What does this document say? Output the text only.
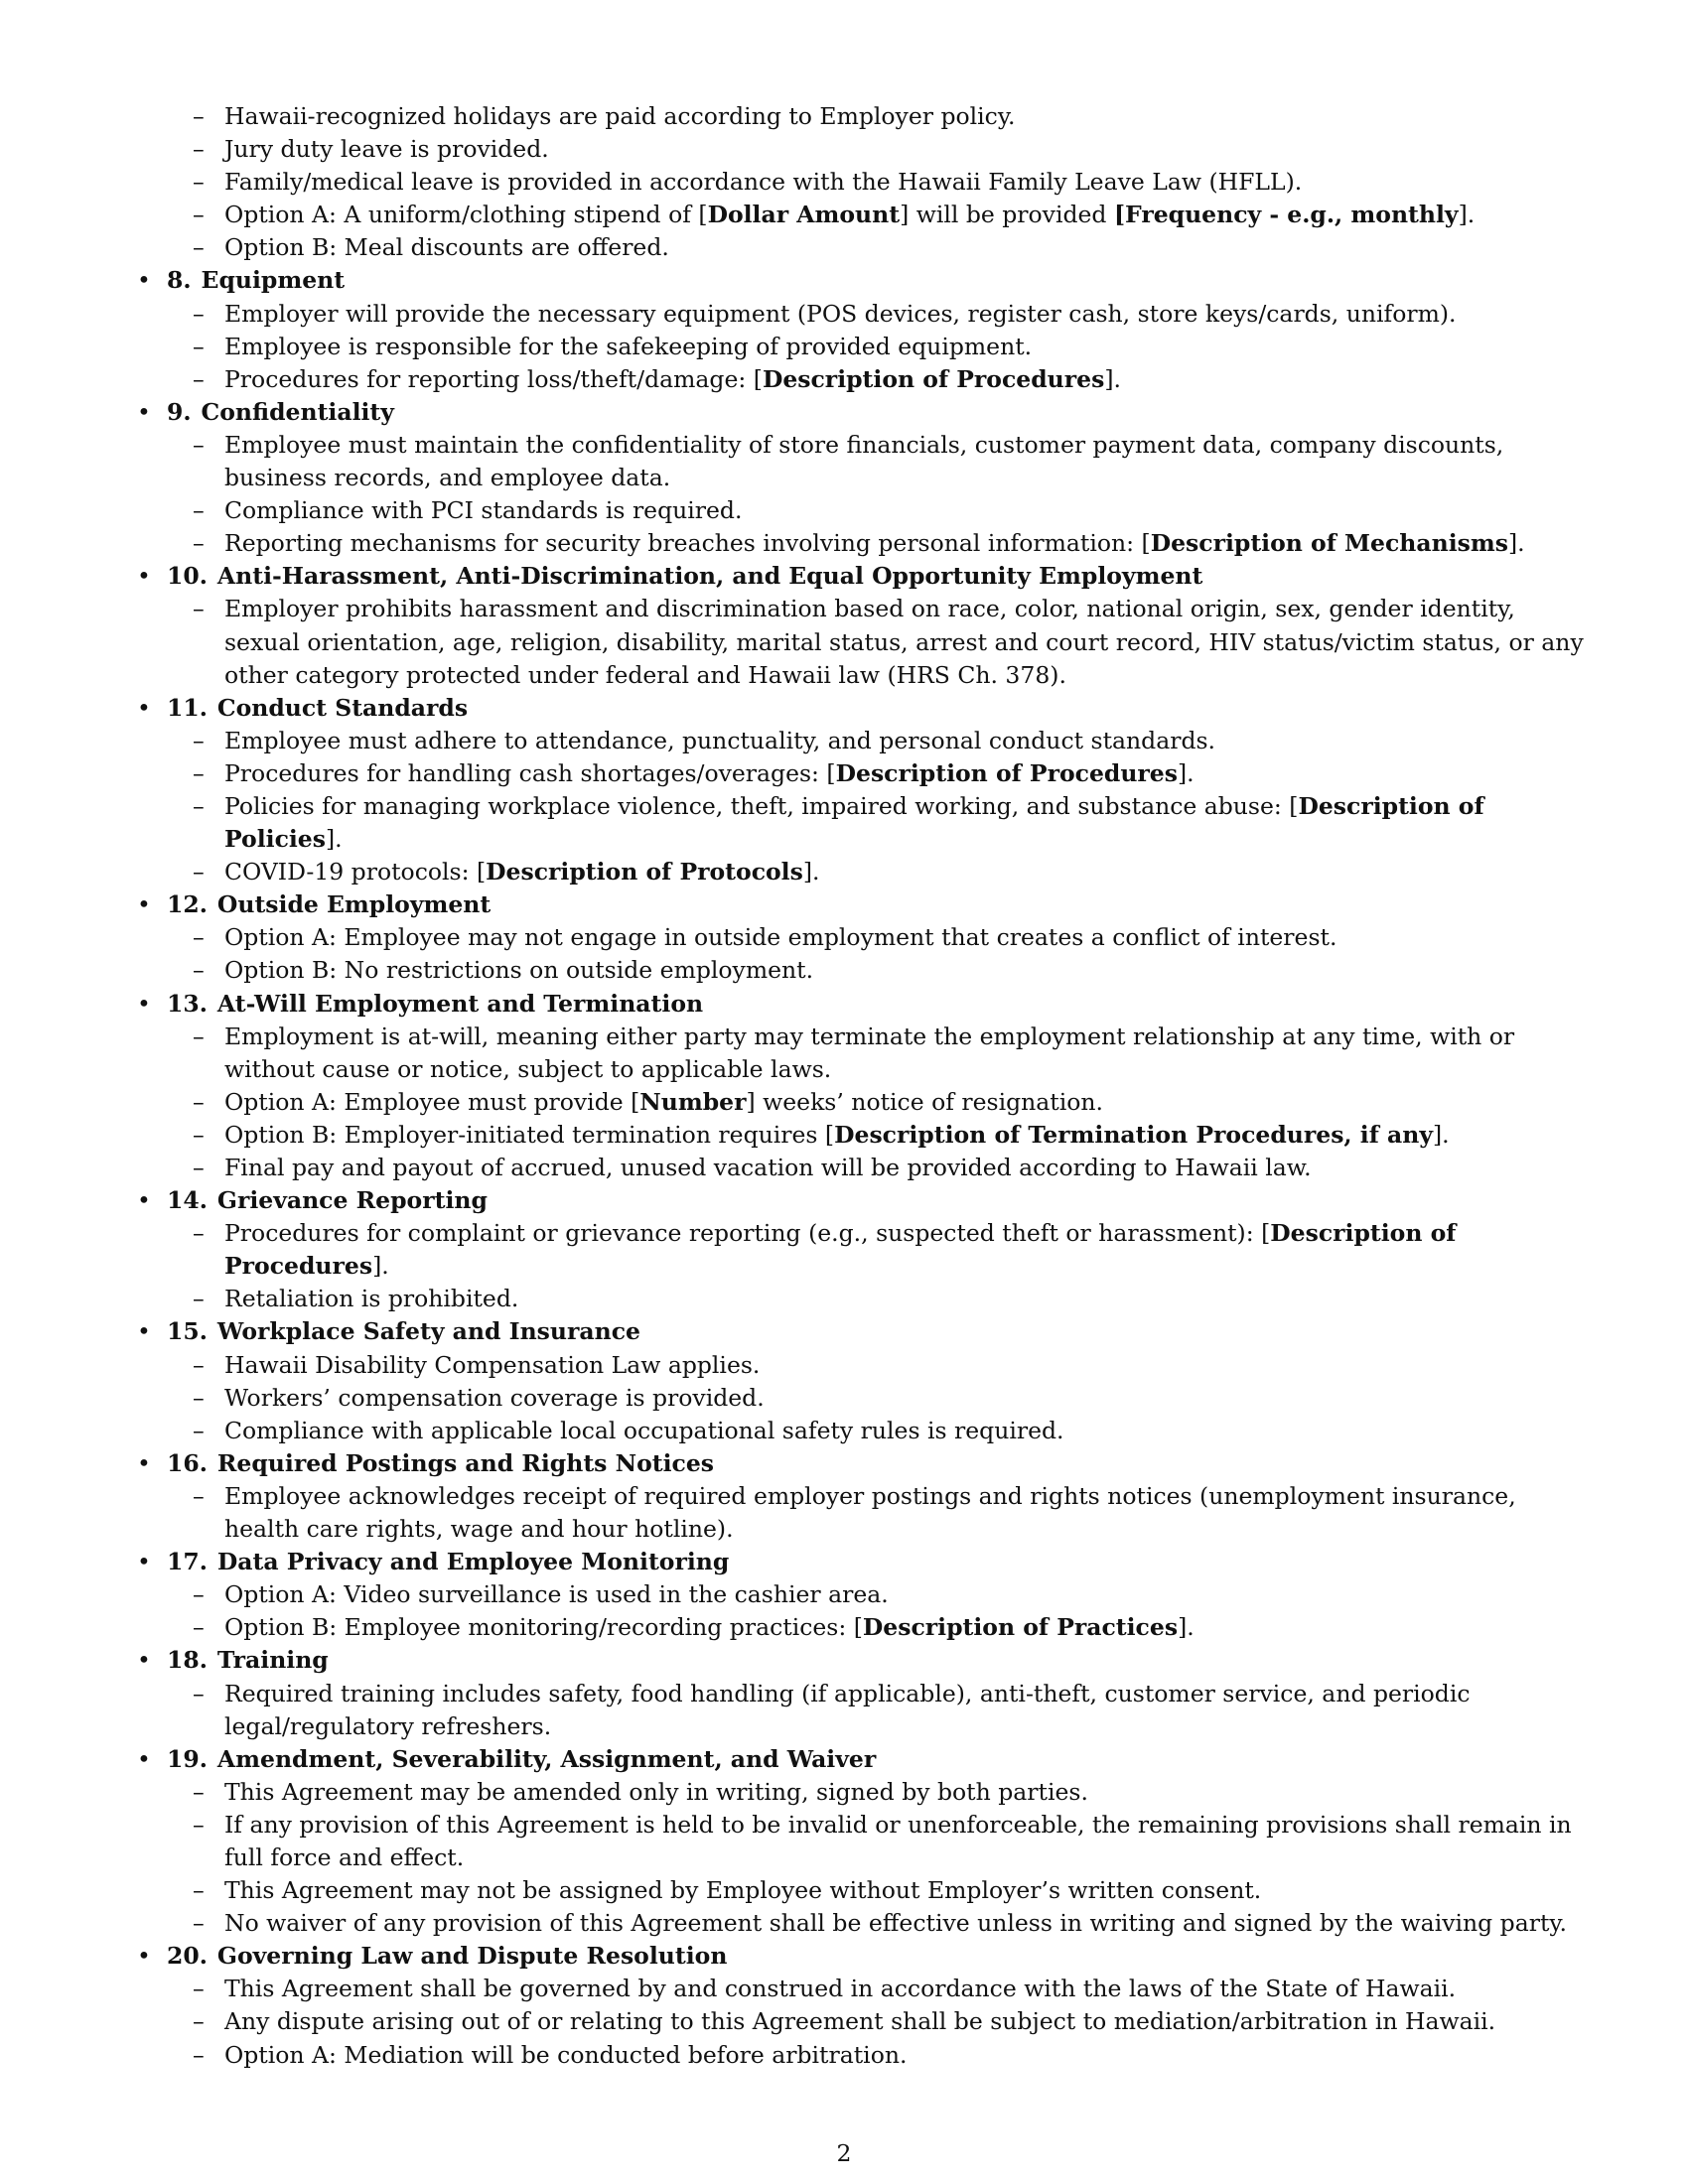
– Hawaii-recognized holidays are paid according to Employer policy.
– Jury duty leave is provided.
– Family/medical leave is provided in accordance with the Hawaii Family Leave Law (HFLL).
– Option A: A uniform/clothing stipend of [Dollar Amount] will be provided [Frequency - e.g., monthly].
– Option B: Meal discounts are offered.
• 8. Equipment
– Employer will provide the necessary equipment (POS devices, register cash, store keys/cards, uniform).
– Employee is responsible for the safekeeping of provided equipment.
– Procedures for reporting loss/theft/damage: [Description of Procedures].
• 9. Confidentiality
– Employee must maintain the confidentiality of store financials, customer payment data, company discounts, business records, and employee data.
– Compliance with PCI standards is required.
– Reporting mechanisms for security breaches involving personal information: [Description of Mechanisms].
• 10. Anti-Harassment, Anti-Discrimination, and Equal Opportunity Employment
– Employer prohibits harassment and discrimination based on race, color, national origin, sex, gender identity, sexual orientation, age, religion, disability, marital status, arrest and court record, HIV status/victim status, or any other category protected under federal and Hawaii law (HRS Ch. 378).
• 11. Conduct Standards
– Employee must adhere to attendance, punctuality, and personal conduct standards.
– Procedures for handling cash shortages/overages: [Description of Procedures].
– Policies for managing workplace violence, theft, impaired working, and substance abuse: [Description of Policies].
– COVID-19 protocols: [Description of Protocols].
• 12. Outside Employment
– Option A: Employee may not engage in outside employment that creates a conflict of interest.
– Option B: No restrictions on outside employment.
• 13. At-Will Employment and Termination
– Employment is at-will, meaning either party may terminate the employment relationship at any time, with or without cause or notice, subject to applicable laws.
– Option A: Employee must provide [Number] weeks’ notice of resignation.
– Option B: Employer-initiated termination requires [Description of Termination Procedures, if any].
– Final pay and payout of accrued, unused vacation will be provided according to Hawaii law.
• 14. Grievance Reporting
– Procedures for complaint or grievance reporting (e.g., suspected theft or harassment): [Description of Procedures].
– Retaliation is prohibited.
• 15. Workplace Safety and Insurance
– Hawaii Disability Compensation Law applies.
– Workers’ compensation coverage is provided.
– Compliance with applicable local occupational safety rules is required.
• 16. Required Postings and Rights Notices
– Employee acknowledges receipt of required employer postings and rights notices (unemployment insurance, health care rights, wage and hour hotline).
• 17. Data Privacy and Employee Monitoring
– Option A: Video surveillance is used in the cashier area.
– Option B: Employee monitoring/recording practices: [Description of Practices].
• 18. Training
– Required training includes safety, food handling (if applicable), anti-theft, customer service, and periodic legal/regulatory refreshers.
• 19. Amendment, Severability, Assignment, and Waiver
– This Agreement may be amended only in writing, signed by both parties.
– If any provision of this Agreement is held to be invalid or unenforceable, the remaining provisions shall remain in full force and effect.
– This Agreement may not be assigned by Employee without Employer’s written consent.
– No waiver of any provision of this Agreement shall be effective unless in writing and signed by the waiving party.
• 20. Governing Law and Dispute Resolution
– This Agreement shall be governed by and construed in accordance with the laws of the State of Hawaii.
– Any dispute arising out of or relating to this Agreement shall be subject to mediation/arbitration in Hawaii.
– Option A: Mediation will be conducted before arbitration.
2
